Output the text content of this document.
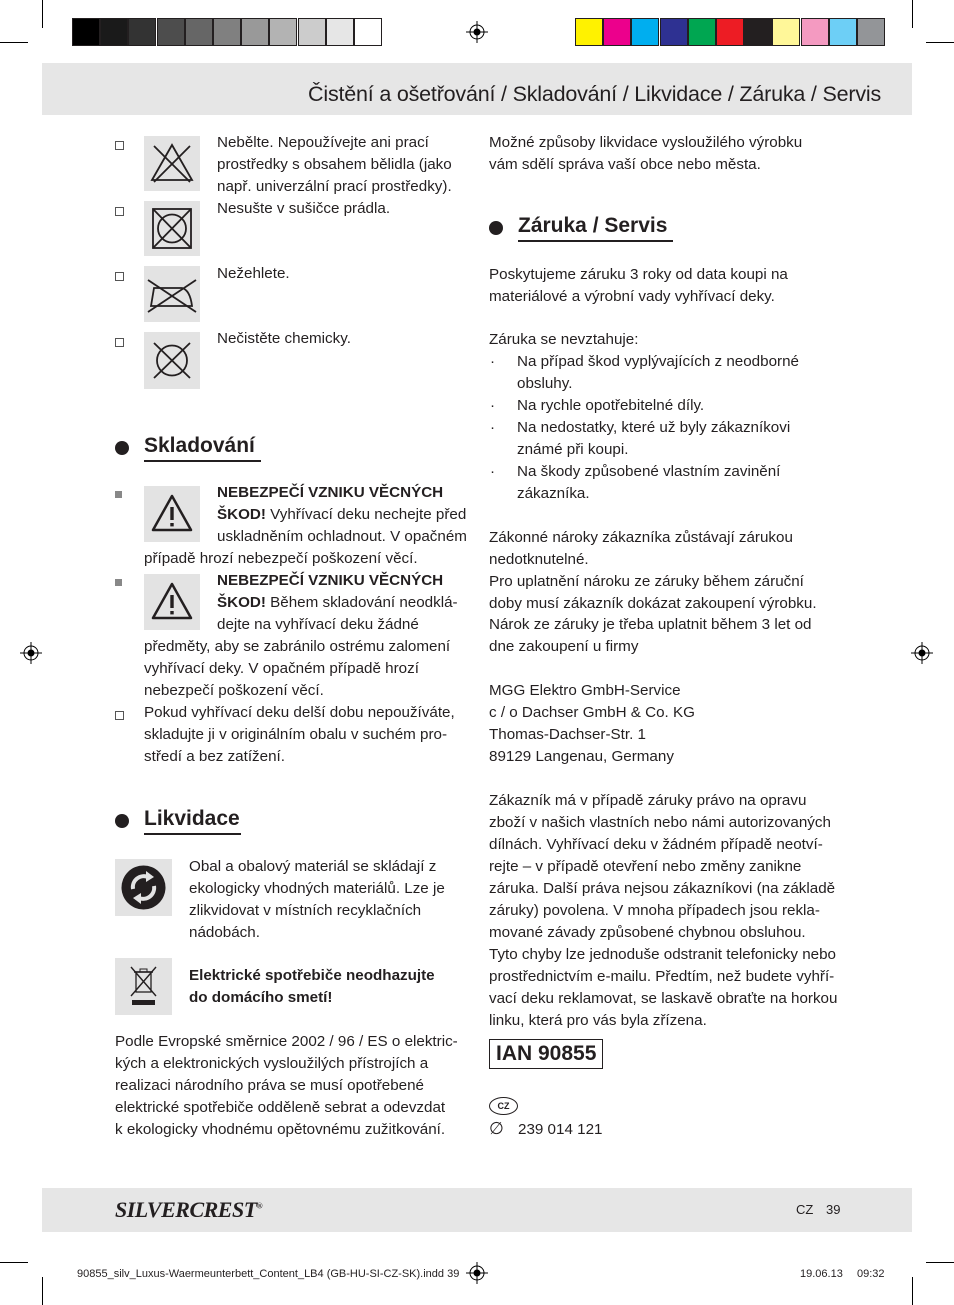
Čistění a ošetřování / Skladování / Likvidace / Záruka / Servis
Nebělte. Nepoužívejte ani prací
prostředky s obsahem bělidla (jako
např. univerzální prací prostředky).
Nesušte v sušičce prádla.
Nežehlete.
Nečistěte chemicky.
Skladování
NEBEZPEČÍ VZNIKU VĚCNÝCH
ŠKOD! Vyhřívací deku nechejte před
uskladněním ochladnout. V opačném
případě hrozí nebezpečí poškození věcí.
NEBEZPEČÍ VZNIKU VĚCNÝCH
ŠKOD! Během skladování neodklá-
dejte na vyhřívací deku žádné
předměty, aby se zabránilo ostrému zalomení
vyhřívací deky. V opačném případě hrozí
nebezpečí poškození věcí.
Pokud vyhřívací deku delší dobu nepoužíváte,
skladujte ji v originálním obalu v suchém pro-
středí a bez zatížení.
Likvidace
Obal a obalový materiál se skládají z
ekologicky vhodných materiálů. Lze je
zlikvidovat v místních recyklačních
nádobách.
Elektrické spotřebiče neodhazujte
do domácího smetí!
Podle Evropské směrnice 2002 / 96 / ES o elektric-
kých a elektronických vysloužilých přístrojích a
realizaci národního práva se musí opotřebené
elektrické spotřebiče odděleně sebrat a odevzdat
k ekologicky vhodnému opětovnému zužitkování.
Možné způsoby likvidace vysloužilého výrobku
vám sdělí správa vaší obce nebo města.
Záruka / Servis
Poskytujeme záruku 3 roky od data koupi na
materiálové a výrobní vady vyhřívací deky.
Záruka se nevztahuje:
· Na případ škod vyplývajících z neodborné
obsluhy.
· Na rychle opotřebitelné díly.
· Na nedostatky, které už byly zákazníkovi
známé při koupi.
· Na škody způsobené vlastním zavinění
zákazníka.
Zákonné nároky zákazníka zůstávají zárukou
nedotknutelné.
Pro uplatnění nároku ze záruky během záruční
doby musí zákazník dokázat zakoupení výrobku.
Nárok ze záruky je třeba uplatnit během 3 let od
dne zakoupení u firmy
MGG Elektro GmbH-Service
c / o Dachser GmbH & Co. KG
Thomas-Dachser-Str. 1
89129 Langenau, Germany
Zákazník má v případě záruky právo na opravu
zboží v našich vlastních nebo námi autorizovaných
dílnách. Vyhřívací deku v žádném případě neotví-
rejte – v případě otevření nebo změny zanikne
záruka. Další práva nejsou zákazníkovi (na základě
záruky) povolena. V mnoha případech jsou rekla-
mované závady způsobené chybnou obsluhou.
Tyto chyby lze jednoduše odstranit telefonicky nebo
prostřednictvím e-mailu. Předtím, než budete vyhří-
vací deku reklamovat, se laskavě obraťte na horkou
linku, která pro vás byla zřízena.
IAN 90855
CZ
∅ 239 014 121
SILVERCREST®	CZ 39
90855_silv_Luxus-Waermeunterbett_Content_LB4 (GB-HU-SI-CZ-SK).indd 39	19.06.13 09:32
